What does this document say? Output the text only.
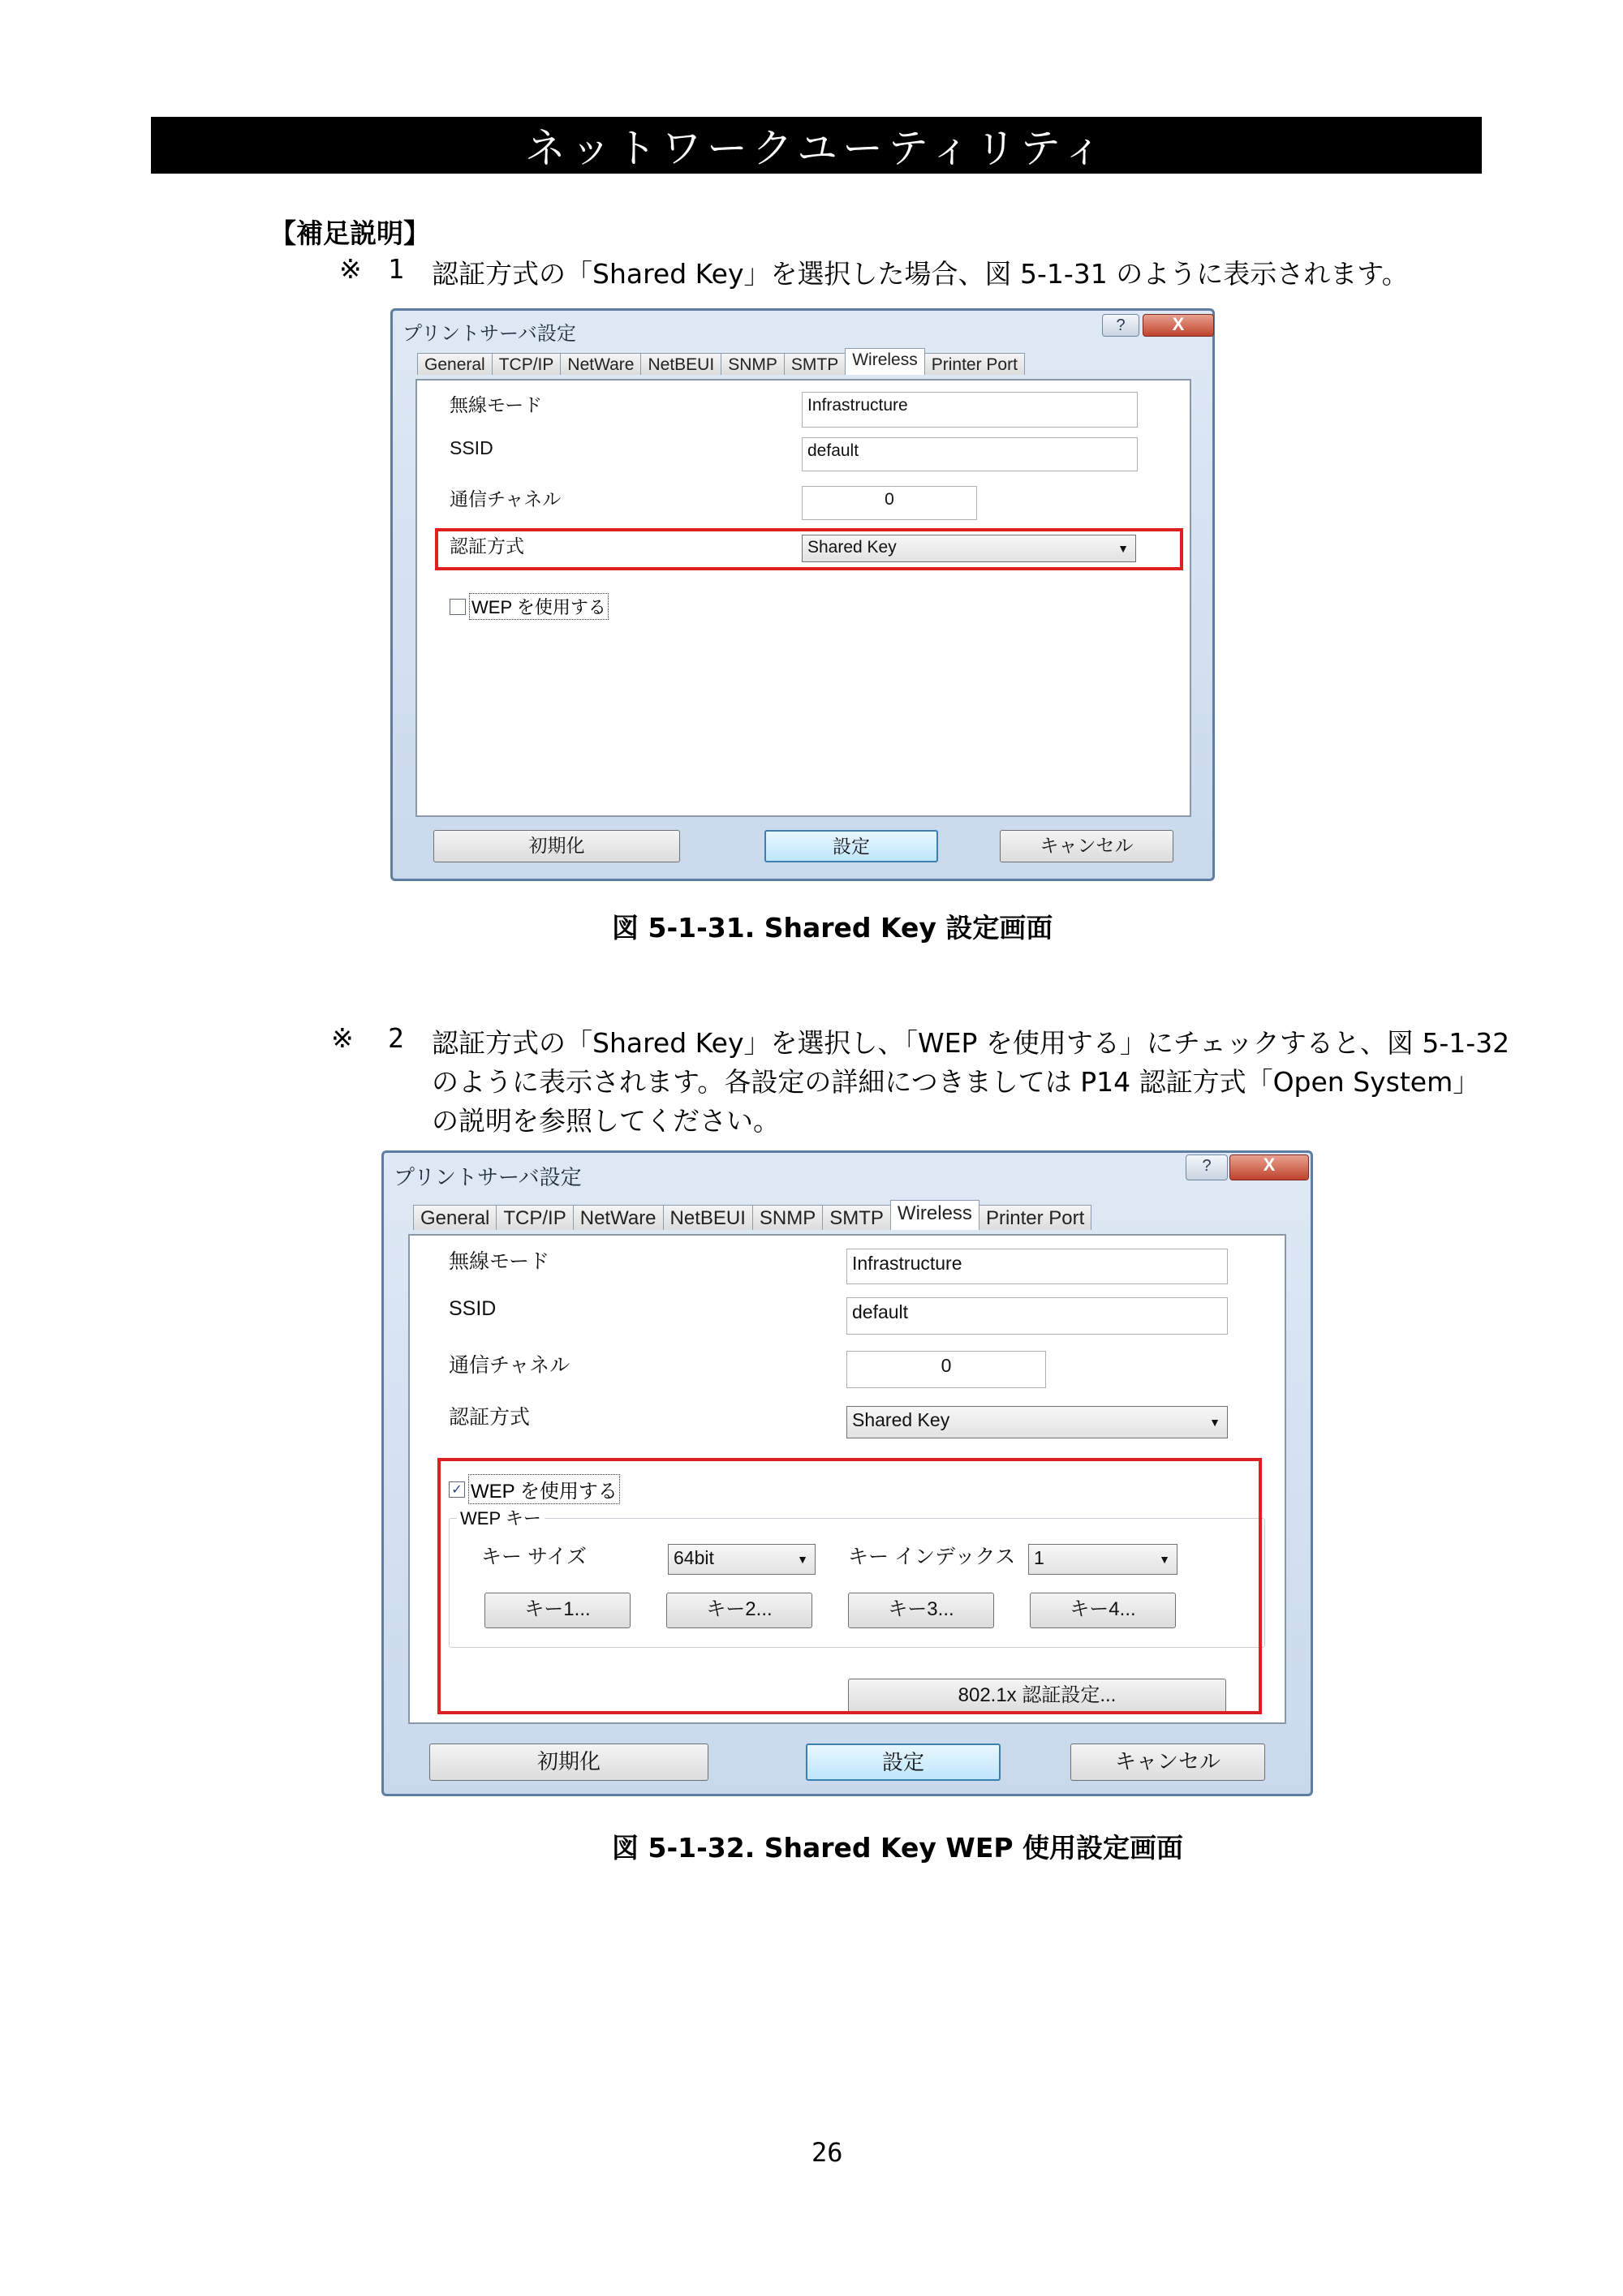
ネットワークユーティリティ
【補足説明】
※ 1 認証方式の「Shared Key」を選択した場合、図 5-1-31 のように表示されます。
プリントサーバ設定	?	X
General TCP/IP NetWare NetBEUI SNMP SMTP Wireless Printer Port
無線モード	Infrastructure
SSID	default
通信チャネル	0
認証方式	Shared Key	▼
WEP を使用する
初期化	設定	キャンセル
図 5-1-31. Shared Key 設定画面
※ 2 認証方式の「Shared Key」を選択し、「WEP を使用する」にチェックすると、図 5-1-32
のように表示されます。各設定の詳細につきましては P14 認証方式「Open System」
の説明を参照してください。
プリントサーバ設定	?	X
General TCP/IP NetWare NetBEUI SNMP SMTP Wireless Printer Port
無線モード	Infrastructure
SSID	default
通信チャネル	0
認証方式	Shared Key	▼
✓ WEP を使用する
WEP キー
キー サイズ	64bit	▼ キー インデックス 1	▼
キー1...	キー2...	キー3...	キー4...
802.1x 認証設定...
初期化	設定	キャンセル
図 5-1-32. Shared Key WEP 使用設定画面
26
